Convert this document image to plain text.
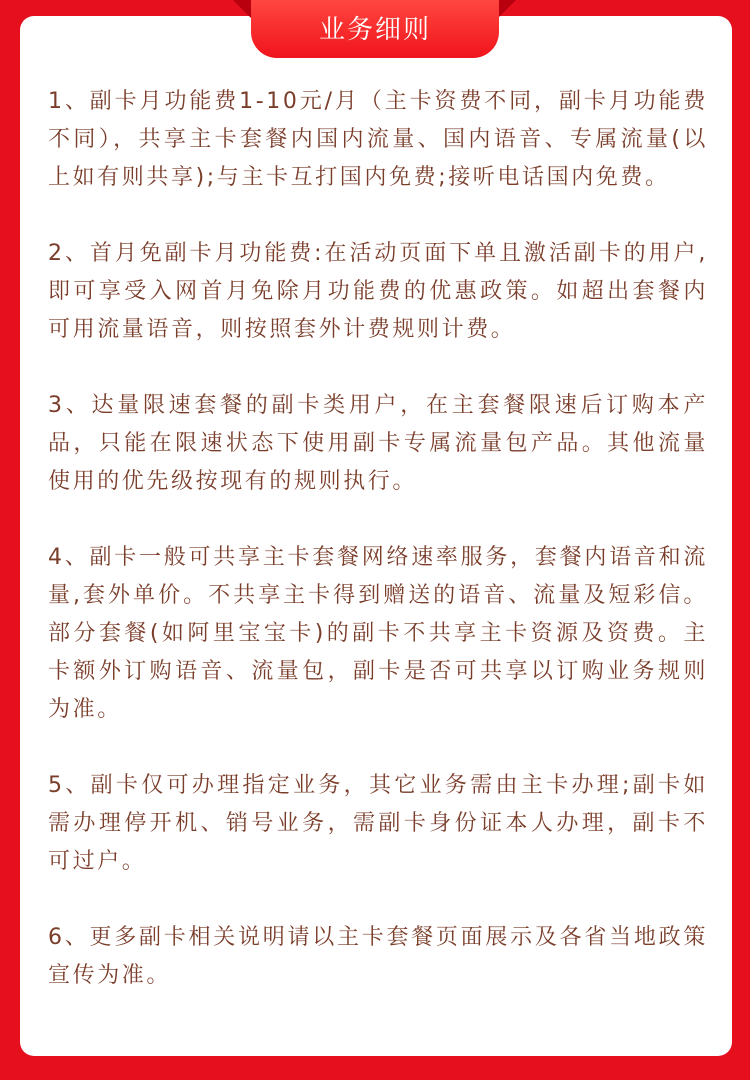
业务细则
1、副卡月功能费1-10元/月（主卡资费不同，副卡月功能费不同），共享主卡套餐内国内流量、国内语音、专属流量(以上如有则共享);与主卡互打国内免费;接听电话国内免费。
2、首月免副卡月功能费:在活动页面下单且激活副卡的用户,即可享受入网首月免除月功能费的优惠政策。如超出套餐内可用流量语音，则按照套外计费规则计费。
3、达量限速套餐的副卡类用户，在主套餐限速后订购本产品，只能在限速状态下使用副卡专属流量包产品。其他流量使用的优先级按现有的规则执行。
4、副卡一般可共享主卡套餐网络速率服务，套餐内语音和流量,套外单价。不共享主卡得到赠送的语音、流量及短彩信。部分套餐(如阿里宝宝卡)的副卡不共享主卡资源及资费。主卡额外订购语音、流量包，副卡是否可共享以订购业务规则为准。
5、副卡仅可办理指定业务，其它业务需由主卡办理;副卡如需办理停开机、销号业务，需副卡身份证本人办理，副卡不可过户。
6、更多副卡相关说明请以主卡套餐页面展示及各省当地政策宣传为准。
